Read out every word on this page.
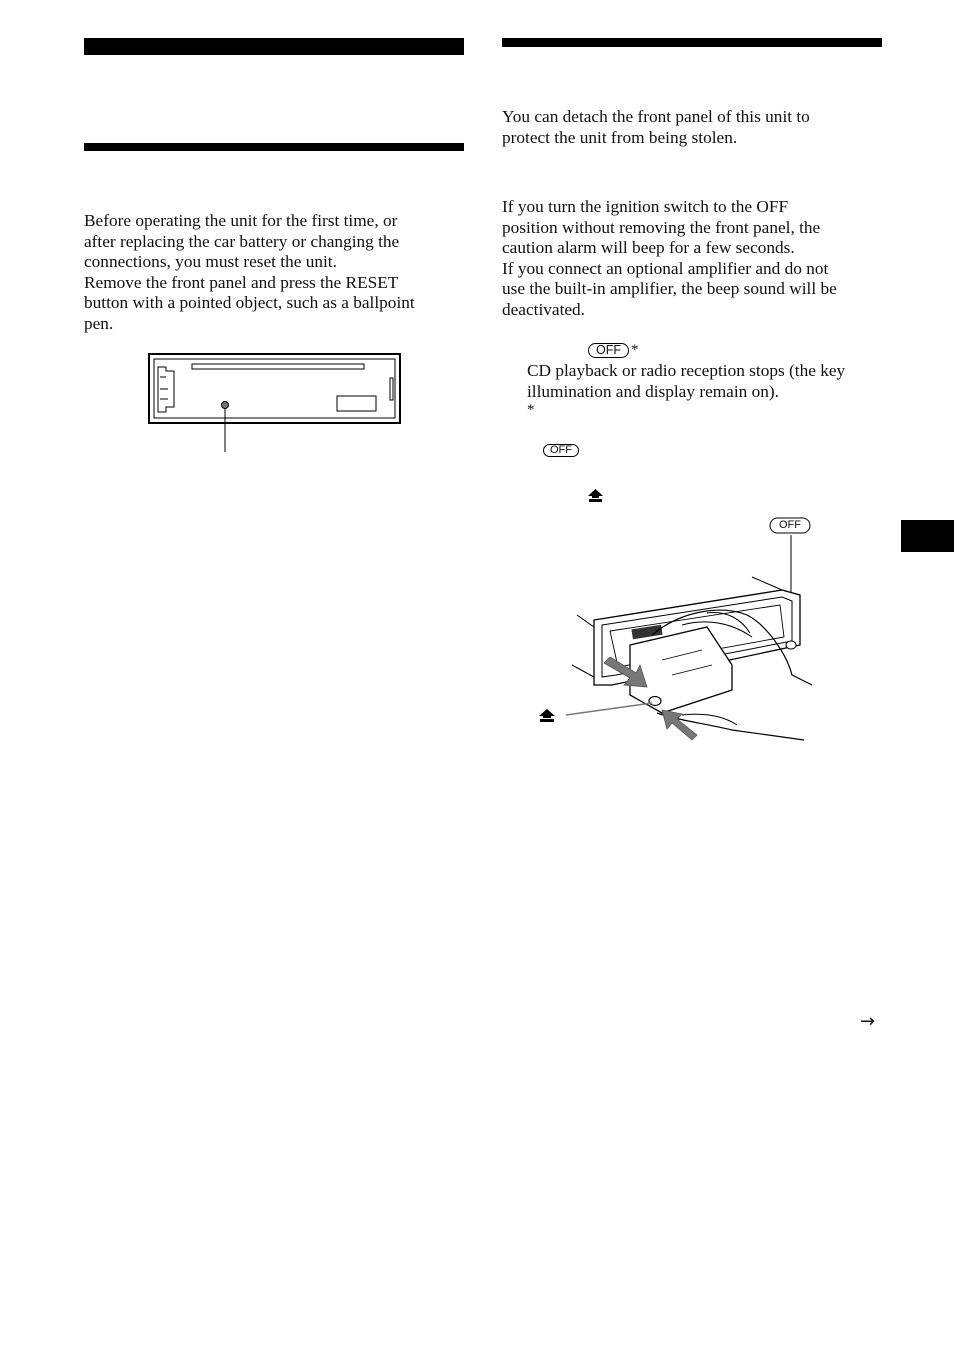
Before operating the unit for the first time, or
after replacing the car battery or changing the
connections, you must reset the unit.
Remove the front panel and press the RESET
button with a pointed object, such as a ballpoint
pen.

You can detach the front panel of this unit to
protect the unit from being stolen.

If you turn the ignition switch to the OFF
position without removing the front panel, the
caution alarm will beep for a few seconds.
If you connect an optional amplifier and do not
use the built-in amplifier, the beep sound will be
deactivated.

OFF *

CD playback or radio reception stops (the key
illumination and display remain on).

*
OFF
OFF
→
